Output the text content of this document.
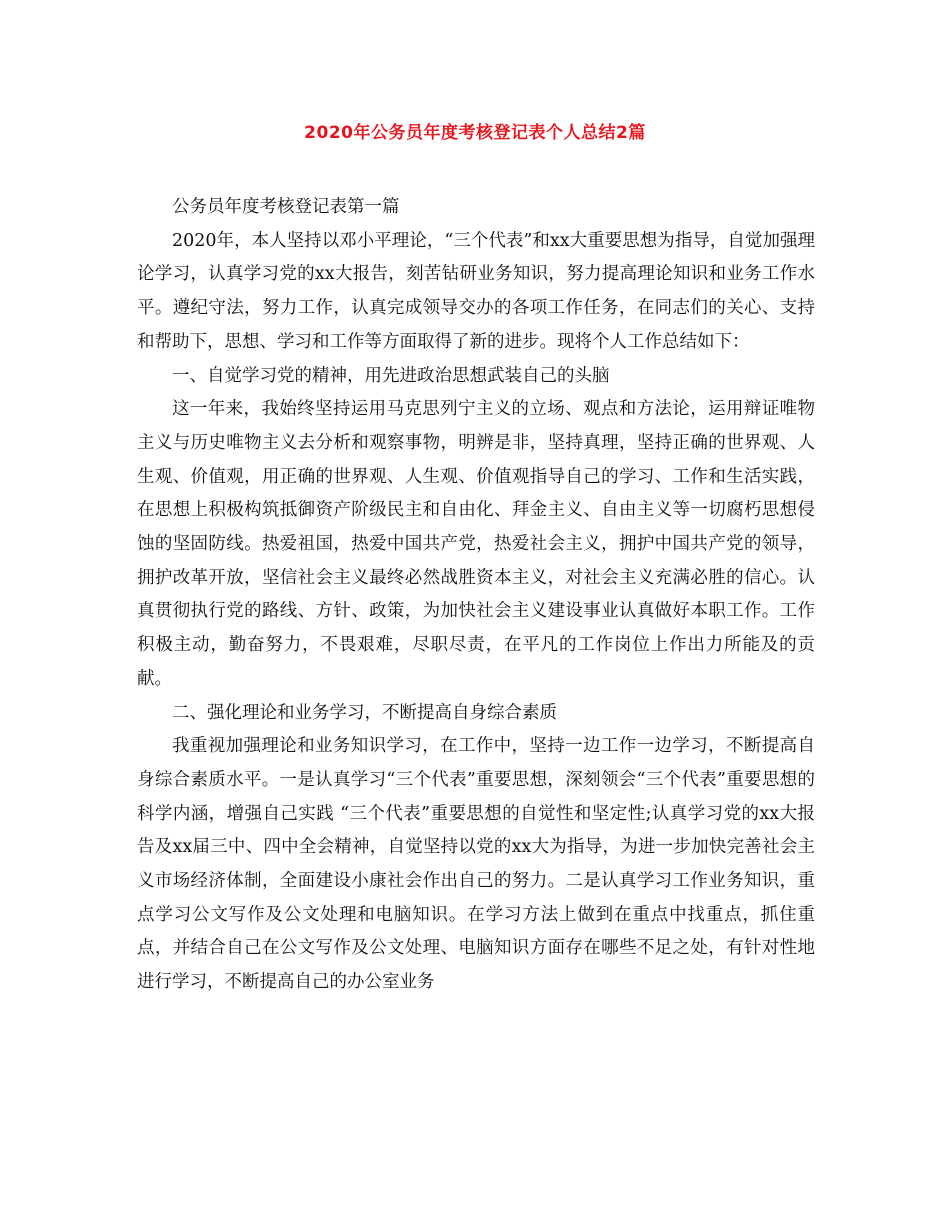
2020年公务员年度考核登记表个人总结2篇

公务员年度考核登记表第一篇

2020年，本人坚持以邓小平理论，“三个代表”和xx大重要思想为指导，自觉加强理论学习，认真学习党的xx大报告，刻苦钻研业务知识，努力提高理论知识和业务工作水平。遵纪守法，努力工作，认真完成领导交办的各项工作任务，在同志们的关心、支持和帮助下，思想、学习和工作等方面取得了新的进步。现将个人工作总结如下：

一、自觉学习党的精神，用先进政治思想武装自己的头脑

这一年来，我始终坚持运用马克思列宁主义的立场、观点和方法论，运用辩证唯物主义与历史唯物主义去分析和观察事物，明辨是非，坚持真理，坚持正确的世界观、人生观、价值观，用正确的世界观、人生观、价值观指导自己的学习、工作和生活实践，在思想上积极构筑抵御资产阶级民主和自由化、拜金主义、自由主义等一切腐朽思想侵蚀的坚固防线。热爱祖国，热爱中国共产党，热爱社会主义，拥护中国共产党的领导，拥护改革开放，坚信社会主义最终必然战胜资本主义，对社会主义充满必胜的信心。认真贯彻执行党的路线、方针、政策，为加快社会主义建设事业认真做好本职工作。工作积极主动，勤奋努力，不畏艰难，尽职尽责，在平凡的工作岗位上作出力所能及的贡献。

二、强化理论和业务学习，不断提高自身综合素质

我重视加强理论和业务知识学习，在工作中，坚持一边工作一边学习，不断提高自身综合素质水平。一是认真学习“三个代表”重要思想，深刻领会“三个代表”重要思想的科学内涵，增强自己实践 “三个代表”重要思想的自觉性和坚定性;认真学习党的xx大报告及xx届三中、四中全会精神，自觉坚持以党的xx大为指导，为进一步加快完善社会主义市场经济体制，全面建设小康社会作出自己的努力。二是认真学习工作业务知识，重点学习公文写作及公文处理和电脑知识。在学习方法上做到在重点中找重点，抓住重点，并结合自己在公文写作及公文处理、电脑知识方面存在哪些不足之处，有针对性地进行学习，不断提高自己的办公室业务
